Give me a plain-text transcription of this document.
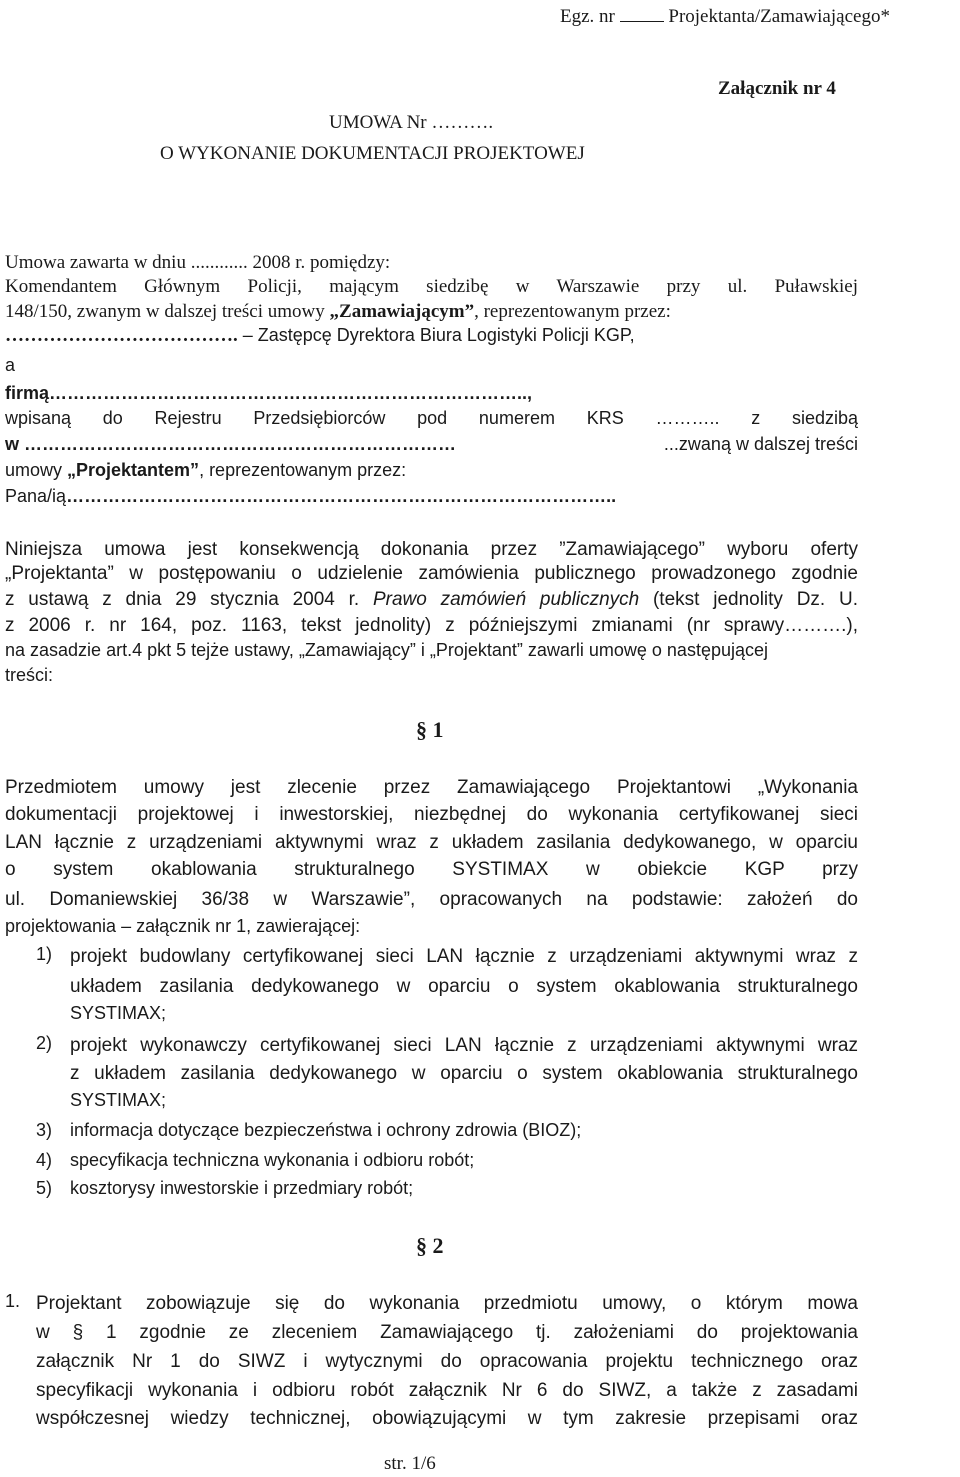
Egz. nr	Projektanta/Zamawiającego*
Załącznik nr 4
UMOWA Nr ……….
O WYKONANIE DOKUMENTACJI PROJEKTOWEJ
Umowa zawarta w dniu ............ 2008 r. pomiędzy:
Komendantem Głównym Policji, mającym siedzibę w Warszawie przy ul. Puławskiej
148/150, zwanym w dalszej treści umowy „Zamawiającym”, reprezentowanym przez:
………………………………. – Zastępcę Dyrektora Biura Logistyki Policji KGP,
a
firmą……………………………………………………………………..,
wpisaną do Rejestru Przedsiębiorców pod numerem KRS ……….. z siedzibą
w ………………………………………………………………	...zwaną w dalszej treści
umowy „Projektantem”, reprezentowanym przez:
Pana/ią………………………………………………………………………………..
Niniejsza umowa jest konsekwencją dokonania przez ”Zamawiającego” wyboru oferty
„Projektanta” w postępowaniu o udzielenie zamówienia publicznego prowadzonego zgodnie
z ustawą z dnia 29 stycznia 2004 r. Prawo zamówień publicznych (tekst jednolity Dz. U.
z 2006 r. nr 164, poz. 1163, tekst jednolity) z późniejszymi zmianami (nr sprawy……….),
na zasadzie art.4 pkt 5 tejże ustawy, „Zamawiający” i „Projektant” zawarli umowę o następującej
treści:
§ 1
Przedmiotem umowy jest zlecenie przez Zamawiającego Projektantowi „Wykonania
dokumentacji projektowej i inwestorskiej, niezbędnej do wykonania certyfikowanej sieci
LAN łącznie z urządzeniami aktywnymi wraz z układem zasilania dedykowanego, w oparciu
o system okablowania strukturalnego SYSTIMAX w obiekcie KGP przy
ul. Domaniewskiej 36/38 w Warszawie”, opracowanych na podstawie: założeń do
projektowania – załącznik nr 1, zawierającej:
1) projekt budowlany certyfikowanej sieci LAN łącznie z urządzeniami aktywnymi wraz z
układem zasilania dedykowanego w oparciu o system okablowania strukturalnego
SYSTIMAX;
2) projekt wykonawczy certyfikowanej sieci LAN łącznie z urządzeniami aktywnymi wraz
z układem zasilania dedykowanego w oparciu o system okablowania strukturalnego
SYSTIMAX;
3) informacja dotyczące bezpieczeństwa i ochrony zdrowia (BIOZ);
4) specyfikacja techniczna wykonania i odbioru robót;
5) kosztorysy inwestorskie i przedmiary robót;
§ 2
1. Projektant zobowiązuje się do wykonania przedmiotu umowy, o którym mowa
w § 1 zgodnie ze zleceniem Zamawiającego tj. założeniami do projektowania
załącznik Nr 1 do SIWZ i wytycznymi do opracowania projektu technicznego oraz
specyfikacji wykonania i odbioru robót załącznik Nr 6 do SIWZ, a także z zasadami
współczesnej wiedzy technicznej, obowiązującymi w tym zakresie przepisami oraz
str. 1/6
